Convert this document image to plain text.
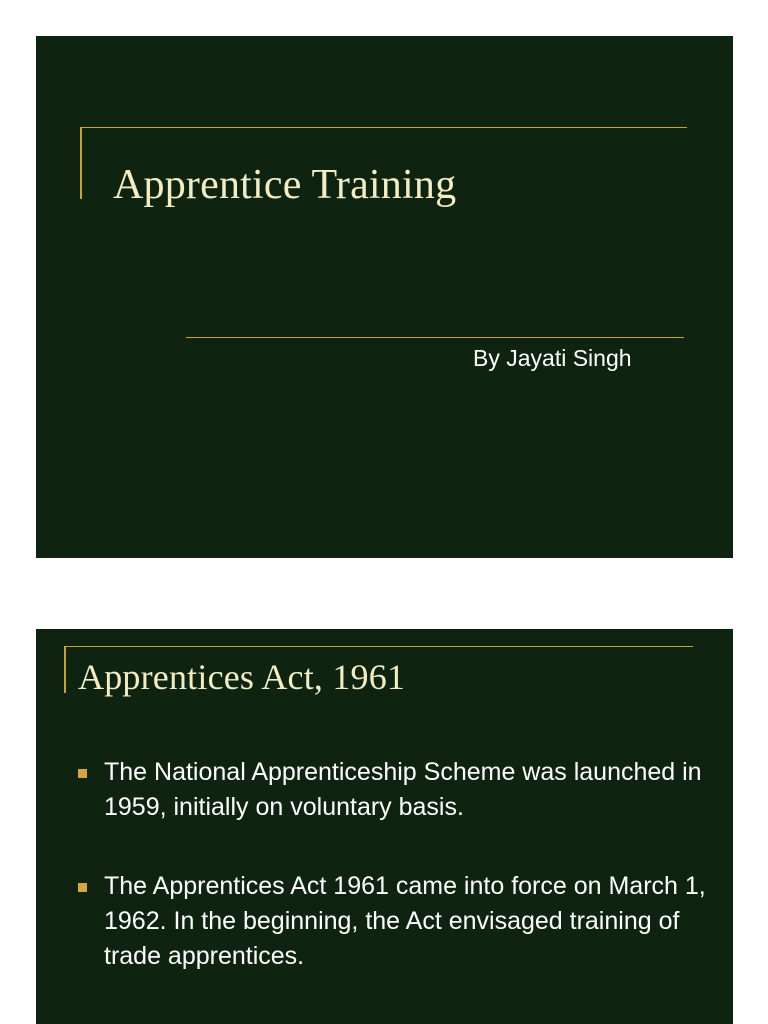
Apprentice Training
By Jayati Singh
Apprentices Act, 1961
The National Apprenticeship Scheme was launched in 1959, initially on voluntary basis.
The Apprentices Act 1961 came into force on March 1, 1962. In the beginning, the Act envisaged training of trade apprentices.
